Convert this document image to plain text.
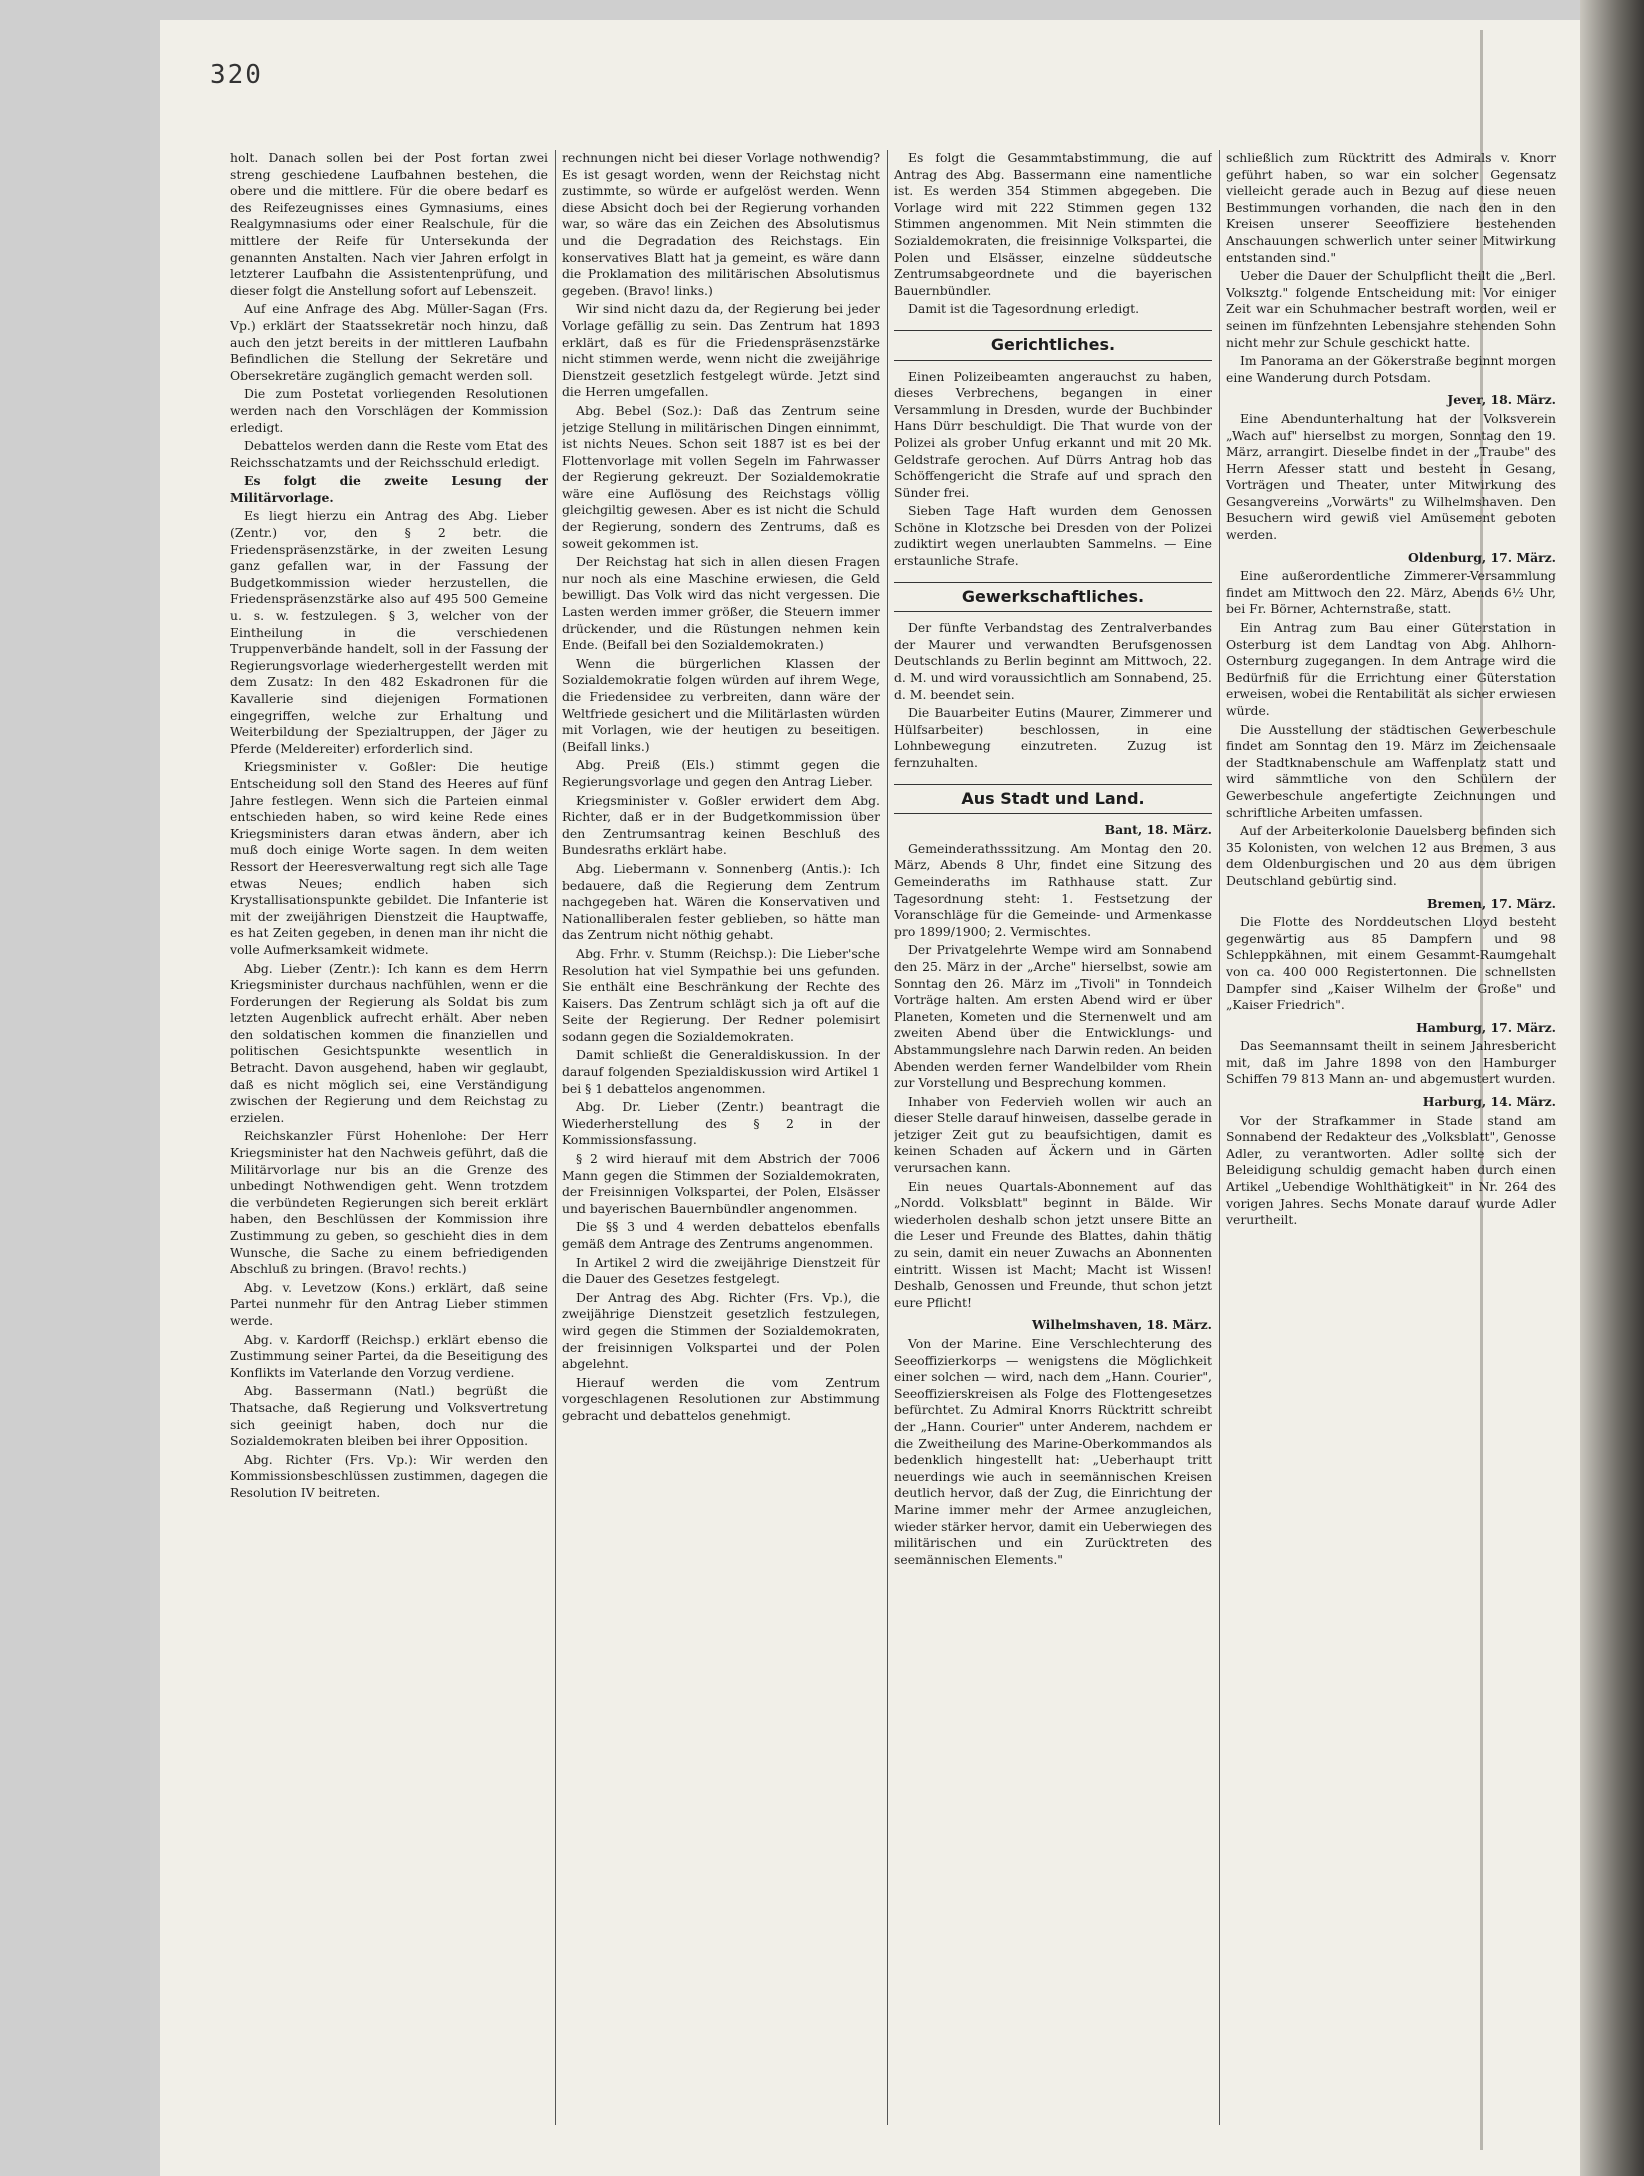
320

holt. Danach sollen bei der Post fortan zwei streng geschiedene Laufbahnen bestehen, die obere und die mittlere. Für die obere bedarf es des Reifezeugnisses eines Gymnasiums, eines Realgymnasiums oder einer Realschule, für die mittlere der Reife für Untersekunda der genannten Anstalten. Nach vier Jahren erfolgt in letzterer Laufbahn die Assistentenprüfung, und dieser folgt die Anstellung sofort auf Lebenszeit.

Auf eine Anfrage des Abg. Müller-Sagan (Frs. Vp.) erklärt der Staatssekretär noch hinzu, daß auch den jetzt bereits in der mittleren Laufbahn Befindlichen die Stellung der Sekretäre und Obersekretäre zugänglich gemacht werden soll.

Die zum Postetat vorliegenden Resolutionen werden nach den Vorschlägen der Kommission erledigt.

Debattelos werden dann die Reste vom Etat des Reichsschatzamts und der Reichsschuld erledigt.

Es folgt die zweite Lesung der Militärvorlage.

Es liegt hierzu ein Antrag des Abg. Lieber (Zentr.) vor, den § 2 betr. die Friedenspräsenzstärke, in der zweiten Lesung ganz gefallen war, in der Fassung der Budgetkommission wieder herzustellen, die Friedenspräsenzstärke also auf 495 500 Gemeine u. s. w. festzulegen. § 3, welcher von der Eintheilung in die verschiedenen Truppenverbände handelt, soll in der Fassung der Regierungsvorlage wiederhergestellt werden mit dem Zusatz: In den 482 Eskadronen für die Kavallerie sind diejenigen Formationen eingegriffen, welche zur Erhaltung und Weiterbildung der Spezialtruppen, der Jäger zu Pferde (Meldereiter) erforderlich sind.

Kriegsminister v. Goßler: Die heutige Entscheidung soll den Stand des Heeres auf fünf Jahre festlegen. Wenn sich die Parteien einmal entschieden haben, so wird keine Rede eines Kriegsministers daran etwas ändern, aber ich muß doch einige Worte sagen. In dem weiten Ressort der Heeresverwaltung regt sich alle Tage etwas Neues; endlich haben sich Krystallisationspunkte gebildet. Die Infanterie ist mit der zweijährigen Dienstzeit die Hauptwaffe, es hat Zeiten gegeben, in denen man ihr nicht die volle Aufmerksamkeit widmete.

Abg. Lieber (Zentr.): Ich kann es dem Herrn Kriegsminister durchaus nachfühlen, wenn er die Forderungen der Regierung als Soldat bis zum letzten Augenblick aufrecht erhält. Aber neben den soldatischen kommen die finanziellen und politischen Gesichtspunkte wesentlich in Betracht. Davon ausgehend, haben wir geglaubt, daß es nicht möglich sei, eine Verständigung zwischen der Regierung und dem Reichstag zu erzielen.

Reichskanzler Fürst Hohenlohe: Der Herr Kriegsminister hat den Nachweis geführt, daß die Militärvorlage nur bis an die Grenze des unbedingt Nothwendigen geht. Wenn trotzdem die verbündeten Regierungen sich bereit erklärt haben, den Beschlüssen der Kommission ihre Zustimmung zu geben, so geschieht dies in dem Wunsche, die Sache zu einem befriedigenden Abschluß zu bringen. (Bravo! rechts.)

Abg. v. Levetzow (Kons.) erklärt, daß seine Partei nunmehr für den Antrag Lieber stimmen werde.

Abg. v. Kardorff (Reichsp.) erklärt ebenso die Zustimmung seiner Partei, da die Beseitigung des Konflikts im Vaterlande den Vorzug verdiene.

Abg. Bassermann (Natl.) begrüßt die Thatsache, daß Regierung und Volksvertretung sich geeinigt haben, doch nur die Sozialdemokraten bleiben bei ihrer Opposition.

Abg. Richter (Frs. Vp.): Wir werden den Kommissionsbeschlüssen zustimmen, dagegen die Resolution IV beitreten.

rechnungen nicht bei dieser Vorlage nothwendig? Es ist gesagt worden, wenn der Reichstag nicht zustimmte, so würde er aufgelöst werden. Wenn diese Absicht doch bei der Regierung vorhanden war, so wäre das ein Zeichen des Absolutismus und die Degradation des Reichstags. Ein konservatives Blatt hat ja gemeint, es wäre dann die Proklamation des militärischen Absolutismus gegeben. (Bravo! links.)

Wir sind nicht dazu da, der Regierung bei jeder Vorlage gefällig zu sein. Das Zentrum hat 1893 erklärt, daß es für die Friedenspräsenzstärke nicht stimmen werde, wenn nicht die zweijährige Dienstzeit gesetzlich festgelegt würde. Jetzt sind die Herren umgefallen.

Abg. Bebel (Soz.): Daß das Zentrum seine jetzige Stellung in militärischen Dingen einnimmt, ist nichts Neues. Schon seit 1887 ist es bei der Flottenvorlage mit vollen Segeln im Fahrwasser der Regierung gekreuzt. Der Sozialdemokratie wäre eine Auflösung des Reichstags völlig gleichgiltig gewesen. Aber es ist nicht die Schuld der Regierung, sondern des Zentrums, daß es soweit gekommen ist.

Der Reichstag hat sich in allen diesen Fragen nur noch als eine Maschine erwiesen, die Geld bewilligt. Das Volk wird das nicht vergessen. Die Lasten werden immer größer, die Steuern immer drückender, und die Rüstungen nehmen kein Ende. (Beifall bei den Sozialdemokraten.)

Wenn die bürgerlichen Klassen der Sozialdemokratie folgen würden auf ihrem Wege, die Friedensidee zu verbreiten, dann wäre der Weltfriede gesichert und die Militärlasten würden mit Vorlagen, wie der heutigen zu beseitigen. (Beifall links.)

Abg. Preiß (Els.) stimmt gegen die Regierungsvorlage und gegen den Antrag Lieber.

Kriegsminister v. Goßler erwidert dem Abg. Richter, daß er in der Budgetkommission über den Zentrumsantrag keinen Beschluß des Bundesraths erklärt habe.

Abg. Liebermann v. Sonnenberg (Antis.): Ich bedauere, daß die Regierung dem Zentrum nachgegeben hat. Wären die Konservativen und Nationalliberalen fester geblieben, so hätte man das Zentrum nicht nöthig gehabt.

Abg. Frhr. v. Stumm (Reichsp.): Die Lieber'sche Resolution hat viel Sympathie bei uns gefunden. Sie enthält eine Beschränkung der Rechte des Kaisers. Das Zentrum schlägt sich ja oft auf die Seite der Regierung. Der Redner polemisirt sodann gegen die Sozialdemokraten.

Damit schließt die Generaldiskussion. In der darauf folgenden Spezialdiskussion wird Artikel 1 bei § 1 debattelos angenommen.

Abg. Dr. Lieber (Zentr.) beantragt die Wiederherstellung des § 2 in der Kommissionsfassung.

§ 2 wird hierauf mit dem Abstrich der 7006 Mann gegen die Stimmen der Sozialdemokraten, der Freisinnigen Volkspartei, der Polen, Elsässer und bayerischen Bauernbündler angenommen.

Die §§ 3 und 4 werden debattelos ebenfalls gemäß dem Antrage des Zentrums angenommen.

In Artikel 2 wird die zweijährige Dienstzeit für die Dauer des Gesetzes festgelegt.

Der Antrag des Abg. Richter (Frs. Vp.), die zweijährige Dienstzeit gesetzlich festzulegen, wird gegen die Stimmen der Sozialdemokraten, der freisinnigen Volkspartei und der Polen abgelehnt.

Hierauf werden die vom Zentrum vorgeschlagenen Resolutionen zur Abstimmung gebracht und debattelos genehmigt.

Es folgt die Gesammtabstimmung, die auf Antrag des Abg. Bassermann eine namentliche ist. Es werden 354 Stimmen abgegeben. Die Vorlage wird mit 222 Stimmen gegen 132 Stimmen angenommen. Mit Nein stimmten die Sozialdemokraten, die freisinnige Volkspartei, die Polen und Elsässer, einzelne süddeutsche Zentrumsabgeordnete und die bayerischen Bauernbündler.

Damit ist die Tagesordnung erledigt.

Gerichtliches.

Einen Polizeibeamten angerauchst zu haben, dieses Verbrechens, begangen in einer Versammlung in Dresden, wurde der Buchbinder Hans Dürr beschuldigt. Die That wurde von der Polizei als grober Unfug erkannt und mit 20 Mk. Geldstrafe gerochen. Auf Dürrs Antrag hob das Schöffengericht die Strafe auf und sprach den Sünder frei.

Sieben Tage Haft wurden dem Genossen Schöne in Klotzsche bei Dresden von der Polizei zudiktirt wegen unerlaubten Sammelns. — Eine erstaunliche Strafe.

Gewerkschaftliches.

Der fünfte Verbandstag des Zentralverbandes der Maurer und verwandten Berufsgenossen Deutschlands zu Berlin beginnt am Mittwoch, 22. d. M. und wird voraussichtlich am Sonnabend, 25. d. M. beendet sein.

Die Bauarbeiter Eutins (Maurer, Zimmerer und Hülfsarbeiter) beschlossen, in eine Lohnbewegung einzutreten. Zuzug ist fernzuhalten.

Aus Stadt und Land.
Bant, 18. März.

Gemeinderathsssitzung. Am Montag den 20. März, Abends 8 Uhr, findet eine Sitzung des Gemeinderaths im Rathhause statt. Zur Tagesordnung steht: 1. Festsetzung der Voranschläge für die Gemeinde- und Armenkasse pro 1899/1900; 2. Vermischtes.

Der Privatgelehrte Wempe wird am Sonnabend den 25. März in der „Arche" hierselbst, sowie am Sonntag den 26. März im „Tivoli" in Tonndeich Vorträge halten. Am ersten Abend wird er über Planeten, Kometen und die Sternenwelt und am zweiten Abend über die Entwicklungs- und Abstammungslehre nach Darwin reden. An beiden Abenden werden ferner Wandelbilder vom Rhein zur Vorstellung und Besprechung kommen.

Inhaber von Federvieh wollen wir auch an dieser Stelle darauf hinweisen, dasselbe gerade in jetziger Zeit gut zu beaufsichtigen, damit es keinen Schaden auf Äckern und in Gärten verursachen kann.

Ein neues Quartals-Abonnement auf das „Nordd. Volksblatt" beginnt in Bälde. Wir wiederholen deshalb schon jetzt unsere Bitte an die Leser und Freunde des Blattes, dahin thätig zu sein, damit ein neuer Zuwachs an Abonnenten eintritt. Wissen ist Macht; Macht ist Wissen! Deshalb, Genossen und Freunde, thut schon jetzt eure Pflicht!

Wilhelmshaven, 18. März.

Von der Marine. Eine Verschlechterung des Seeoffizierkorps — wenigstens die Möglichkeit einer solchen — wird, nach dem „Hann. Courier", Seeoffizierskreisen als Folge des Flottengesetzes befürchtet. Zu Admiral Knorrs Rücktritt schreibt der „Hann. Courier" unter Anderem, nachdem er die Zweitheilung des Marine-Oberkommandos als bedenklich hingestellt hat: „Ueberhaupt tritt neuerdings wie auch in seemännischen Kreisen deutlich hervor, daß der Zug, die Einrichtung der Marine immer mehr der Armee anzugleichen, wieder stärker hervor, damit ein Ueberwiegen des militärischen und ein Zurücktreten des seemännischen Elements."

schließlich zum Rücktritt des Admirals v. Knorr geführt haben, so war ein solcher Gegensatz vielleicht gerade auch in Bezug auf diese neuen Bestimmungen vorhanden, die nach den in den Kreisen unserer Seeoffiziere bestehenden Anschauungen schwerlich unter seiner Mitwirkung entstanden sind."

Ueber die Dauer der Schulpflicht theilt die „Berl. Volksztg." folgende Entscheidung mit: Vor einiger Zeit war ein Schuhmacher bestraft worden, weil er seinen im fünfzehnten Lebensjahre stehenden Sohn nicht mehr zur Schule geschickt hatte.

Im Panorama an der Gökerstraße beginnt morgen eine Wanderung durch Potsdam.

Jever, 18. März.

Eine Abendunterhaltung hat der Volksverein „Wach auf" hierselbst zu morgen, Sonntag den 19. März, arrangirt. Dieselbe findet in der „Traube" des Herrn Afesser statt und besteht in Gesang, Vorträgen und Theater, unter Mitwirkung des Gesangvereins „Vorwärts" zu Wilhelmshaven. Den Besuchern wird gewiß viel Amüsement geboten werden.

Oldenburg, 17. März.

Eine außerordentliche Zimmerer-Versammlung findet am Mittwoch den 22. März, Abends 6½ Uhr, bei Fr. Börner, Achternstraße, statt.

Ein Antrag zum Bau einer Güterstation in Osterburg ist dem Landtag von Abg. Ahlhorn-Osternburg zugegangen. In dem Antrage wird die Bedürfniß für die Errichtung einer Güterstation erweisen, wobei die Rentabilität als sicher erwiesen würde.

Die Ausstellung der städtischen Gewerbeschule findet am Sonntag den 19. März im Zeichensaale der Stadtknabenschule am Waffenplatz statt und wird sämmtliche von den Schülern der Gewerbeschule angefertigte Zeichnungen und schriftliche Arbeiten umfassen.

Auf der Arbeiterkolonie Dauelsberg befinden sich 35 Kolonisten, von welchen 12 aus Bremen, 3 aus dem Oldenburgischen und 20 aus dem übrigen Deutschland gebürtig sind.

Bremen, 17. März.

Die Flotte des Norddeutschen Lloyd besteht gegenwärtig aus 85 Dampfern und 98 Schleppkähnen, mit einem Gesammt-Raumgehalt von ca. 400 000 Registertonnen. Die schnellsten Dampfer sind „Kaiser Wilhelm der Große" und „Kaiser Friedrich".

Hamburg, 17. März.

Das Seemannsamt theilt in seinem Jahresbericht mit, daß im Jahre 1898 von den Hamburger Schiffen 79 813 Mann an- und abgemustert wurden.

Harburg, 14. März.

Vor der Strafkammer in Stade stand am Sonnabend der Redakteur des „Volksblatt", Genosse Adler, zu verantworten. Adler sollte sich der Beleidigung schuldig gemacht haben durch einen Artikel „Uebendige Wohlthätigkeit" in Nr. 264 des vorigen Jahres. Sechs Monate darauf wurde Adler verurtheilt.
